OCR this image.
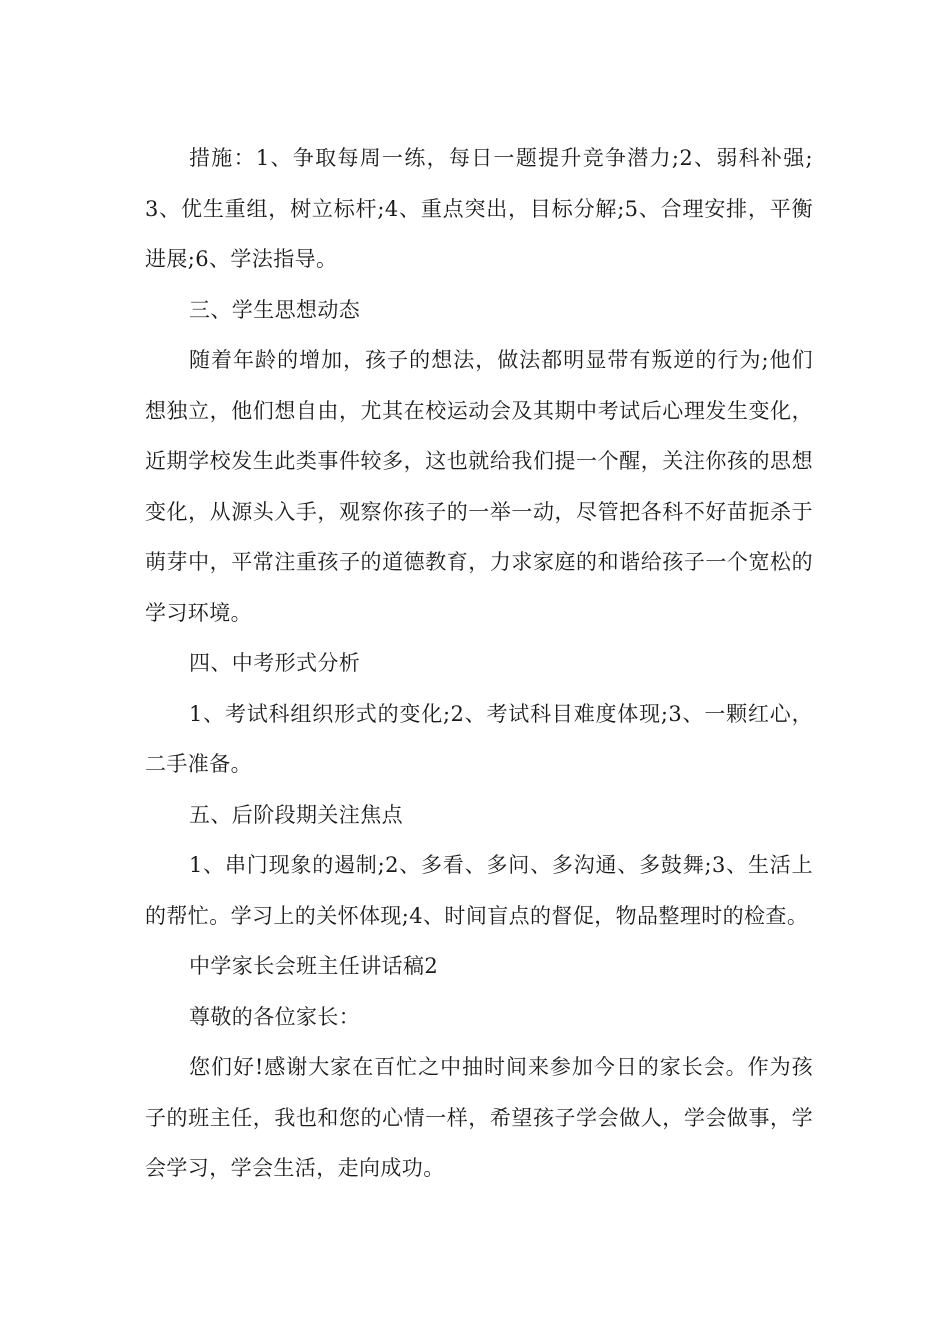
措施：1、争取每周一练，每日一题提升竞争潜力;2、弱科补强;3、优生重组，树立标杆;4、重点突出，目标分解;5、合理安排，平衡进展;6、学法指导。

三、学生思想动态

随着年龄的增加，孩子的想法，做法都明显带有叛逆的行为;他们想独立，他们想自由，尤其在校运动会及其期中考试后心理发生变化，近期学校发生此类事件较多，这也就给我们提一个醒，关注你孩的思想变化，从源头入手，观察你孩子的一举一动，尽管把各科不好苗扼杀于萌芽中，平常注重孩子的道德教育，力求家庭的和谐给孩子一个宽松的学习环境。

四、中考形式分析

1、考试科组织形式的变化;2、考试科目难度体现;3、一颗红心，二手准备。

五、后阶段期关注焦点

1、串门现象的遏制;2、多看、多问、多沟通、多鼓舞;3、生活上的帮忙。学习上的关怀体现;4、时间盲点的督促，物品整理时的检查。

中学家长会班主任讲话稿2

尊敬的各位家长：

您们好!感谢大家在百忙之中抽时间来参加今日的家长会。作为孩子的班主任，我也和您的心情一样，希望孩子学会做人，学会做事，学会学习，学会生活，走向成功。
